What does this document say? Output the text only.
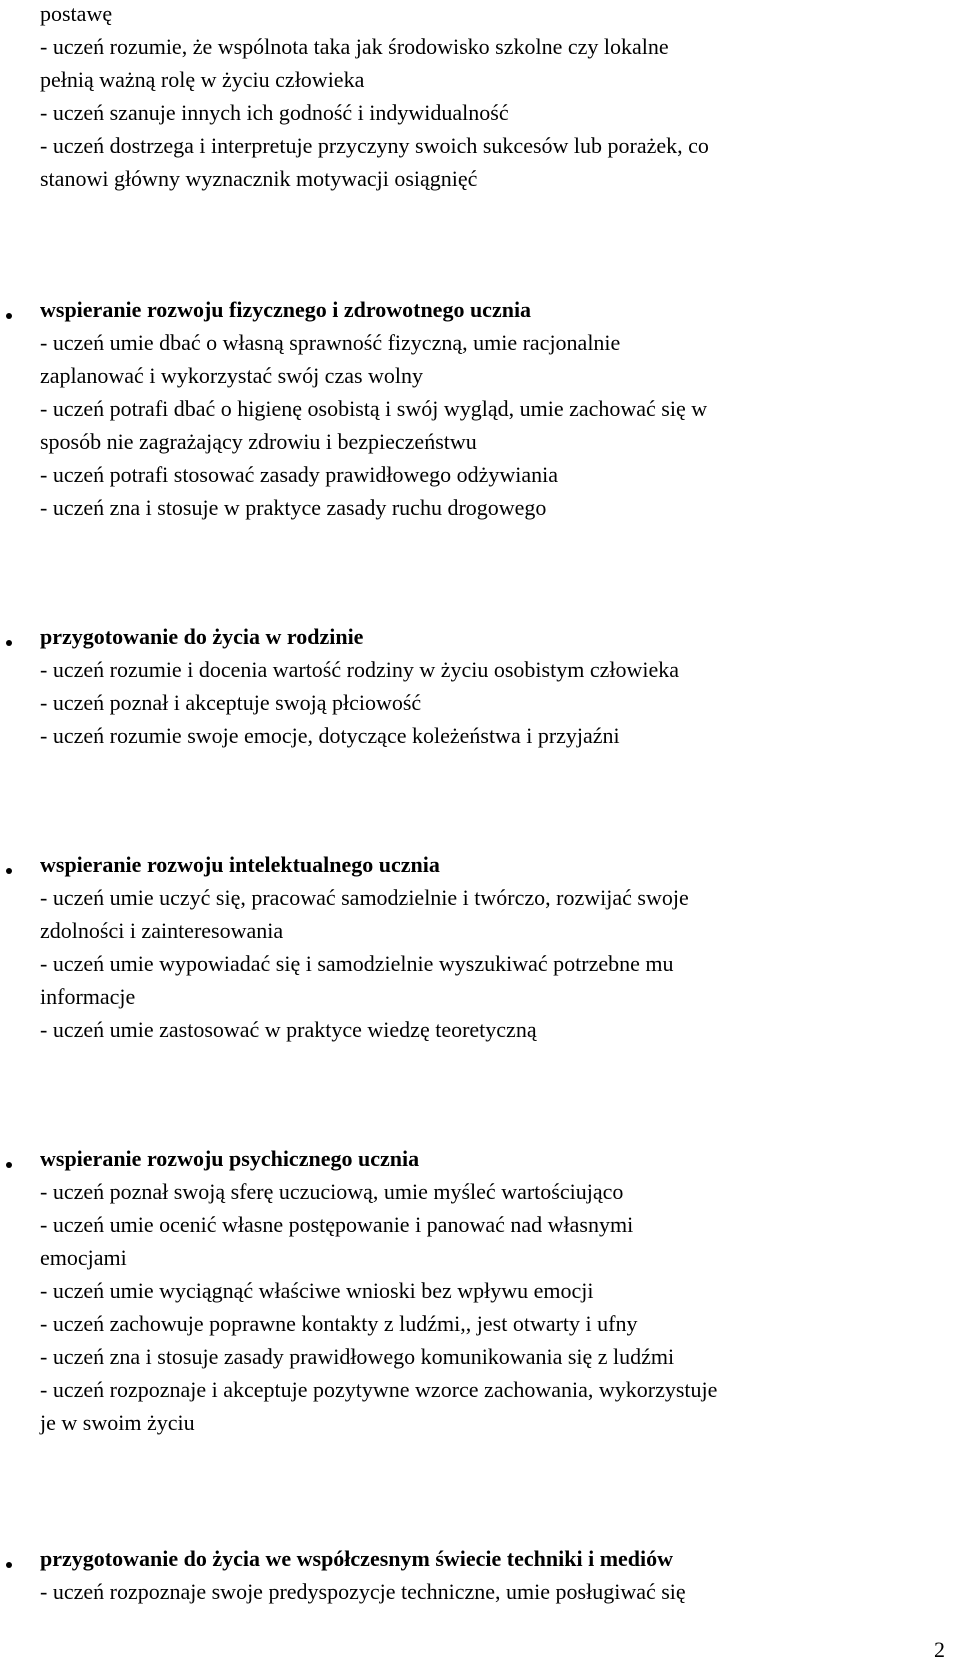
postawę

- uczeń rozumie, że wspólnota taka jak środowisko szkolne czy lokalne

pełnią ważną rolę w życiu człowieka

- uczeń szanuje innych ich godność i indywidualność

- uczeń dostrzega i interpretuje przyczyny swoich sukcesów lub porażek, co

stanowi główny wyznacznik motywacji osiągnięć

wspieranie rozwoju fizycznego i zdrowotnego ucznia

- uczeń umie dbać o własną sprawność fizyczną, umie racjonalnie

zaplanować i wykorzystać swój czas wolny

- uczeń potrafi dbać o higienę osobistą i swój wygląd, umie zachować się w

sposób nie zagrażający zdrowiu i bezpieczeństwu

- uczeń potrafi stosować zasady prawidłowego odżywiania

- uczeń zna i stosuje w praktyce zasady ruchu drogowego

przygotowanie do życia w rodzinie

- uczeń rozumie i docenia wartość rodziny w życiu osobistym człowieka

- uczeń poznał i akceptuje swoją płciowość

- uczeń rozumie swoje emocje, dotyczące koleżeństwa i przyjaźni

wspieranie rozwoju intelektualnego ucznia

- uczeń umie uczyć się, pracować samodzielnie i twórczo, rozwijać swoje

zdolności i zainteresowania

- uczeń umie wypowiadać się i samodzielnie wyszukiwać potrzebne mu

informacje

- uczeń umie zastosować w praktyce wiedzę teoretyczną

wspieranie rozwoju psychicznego ucznia

- uczeń poznał swoją sferę uczuciową, umie myśleć wartościująco

- uczeń umie ocenić własne postępowanie i panować nad własnymi

emocjami

- uczeń umie wyciągnąć właściwe wnioski bez wpływu emocji

- uczeń zachowuje poprawne kontakty z ludźmi,, jest otwarty i ufny

- uczeń zna i stosuje zasady prawidłowego komunikowania się z ludźmi

- uczeń rozpoznaje i akceptuje pozytywne wzorce zachowania, wykorzystuje

je w swoim życiu

przygotowanie do życia we współczesnym świecie techniki i mediów

- uczeń rozpoznaje swoje predyspozycje techniczne, umie posługiwać się

2
